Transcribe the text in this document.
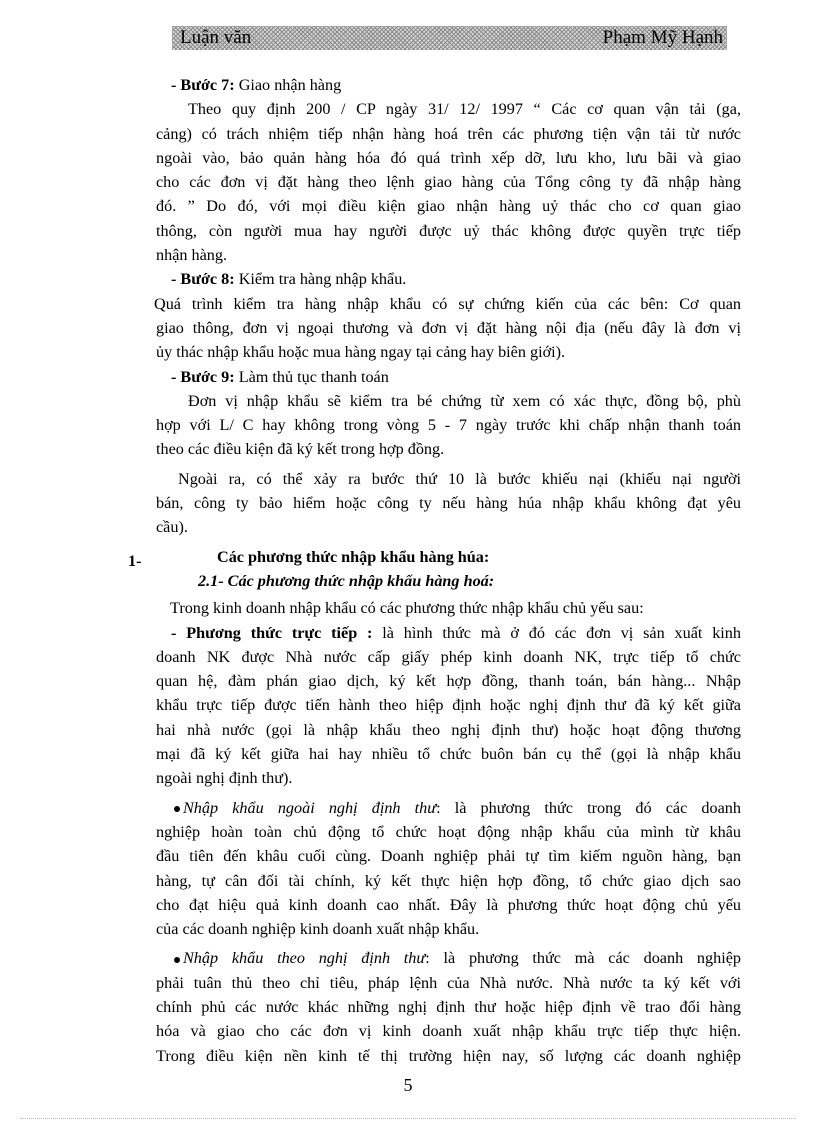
Luận văn	Phạm Mỹ Hạnh
- Bước 7: Giao nhận hàng
Theo quy định 200 / CP ngày 31/ 12/ 1997 “ Các cơ quan vận tải (ga,
cảng) có trách nhiệm tiếp nhận hàng hoá trên các phương tiện vận tải từ nước
ngoài vào, bảo quản hàng hóa đó quá trình xếp dỡ, lưu kho, lưu bãi và giao
cho các đơn vị đặt hàng theo lệnh giao hàng của Tổng công ty đã nhập hàng
đó. ” Do đó, với mọi điều kiện giao nhận hàng uỷ thác cho cơ quan giao
thông, còn người mua hay người được uỷ thác không được quyền trực tiếp
nhận hàng.
- Bước 8: Kiểm tra hàng nhập khẩu.
Quá trình kiểm tra hàng nhập khẩu có sự chứng kiến của các bên: Cơ quan
giao thông, đơn vị ngoại thương và đơn vị đặt hàng nội địa (nếu đây là đơn vị
ủy thác nhập khẩu hoặc mua hàng ngay tại cảng hay biên giới).
- Bước 9: Làm thủ tục thanh toán
Đơn vị nhập khẩu sẽ kiểm tra bé chứng từ xem có xác thực, đồng bộ, phù
hợp với L/ C hay không trong vòng 5 - 7 ngày trước khi chấp nhận thanh toán
theo các điều kiện đã ký kết trong hợp đồng.
Ngoài ra, có thể xảy ra bước thứ 10 là bước khiếu nại (khiếu nại người
bán, công ty bảo hiểm hoặc công ty nếu hàng húa nhập khẩu không đạt yêu
cầu).
1-	Các phương thức nhập khẩu hàng húa:
2.1- Các phương thức nhập khẩu hàng hoá:
Trong kinh doanh nhập khẩu có các phương thức nhập khẩu chủ yếu sau:
- Phương thức trực tiếp : là hình thức mà ở đó các đơn vị sản xuất kinh
doanh NK được Nhà nước cấp giấy phép kinh doanh NK, trực tiếp tổ chức
quan hệ, đàm phán giao dịch, ký kết hợp đồng, thanh toán, bán hàng... Nhập
khẩu trực tiếp được tiến hành theo hiệp định hoặc nghị định thư đã ký kết giữa
hai nhà nước (gọi là nhập khẩu theo nghị định thư) hoặc hoạt động thương
mại đã ký kết giữa hai hay nhiều tổ chức buôn bán cụ thể (gọi là nhập khẩu
ngoài nghị định thư).
Nhập khẩu ngoài nghị định thư: là phương thức trong đó các doanh
nghiệp hoàn toàn chủ động tổ chức hoạt động nhập khẩu của mình từ khâu
đầu tiên đến khâu cuối cùng. Doanh nghiệp phải tự tìm kiếm nguồn hàng, bạn
hàng, tự cân đối tài chính, ký kết thực hiện hợp đồng, tổ chức giao dịch sao
cho đạt hiệu quả kinh doanh cao nhất. Đây là phương thức hoạt động chủ yếu
của các doanh nghiệp kinh doanh xuất nhập khẩu.
Nhập khẩu theo nghị định thư: là phương thức mà các doanh nghiệp
phải tuân thủ theo chỉ tiêu, pháp lệnh của Nhà nước. Nhà nước ta ký kết với
chính phủ các nước khác những nghị định thư hoặc hiệp định về trao đổi hàng
hóa và giao cho các đơn vị kinh doanh xuất nhập khẩu trực tiếp thực hiện.
Trong điều kiện nền kinh tế thị trường hiện nay, số lượng các doanh nghiệp
5
